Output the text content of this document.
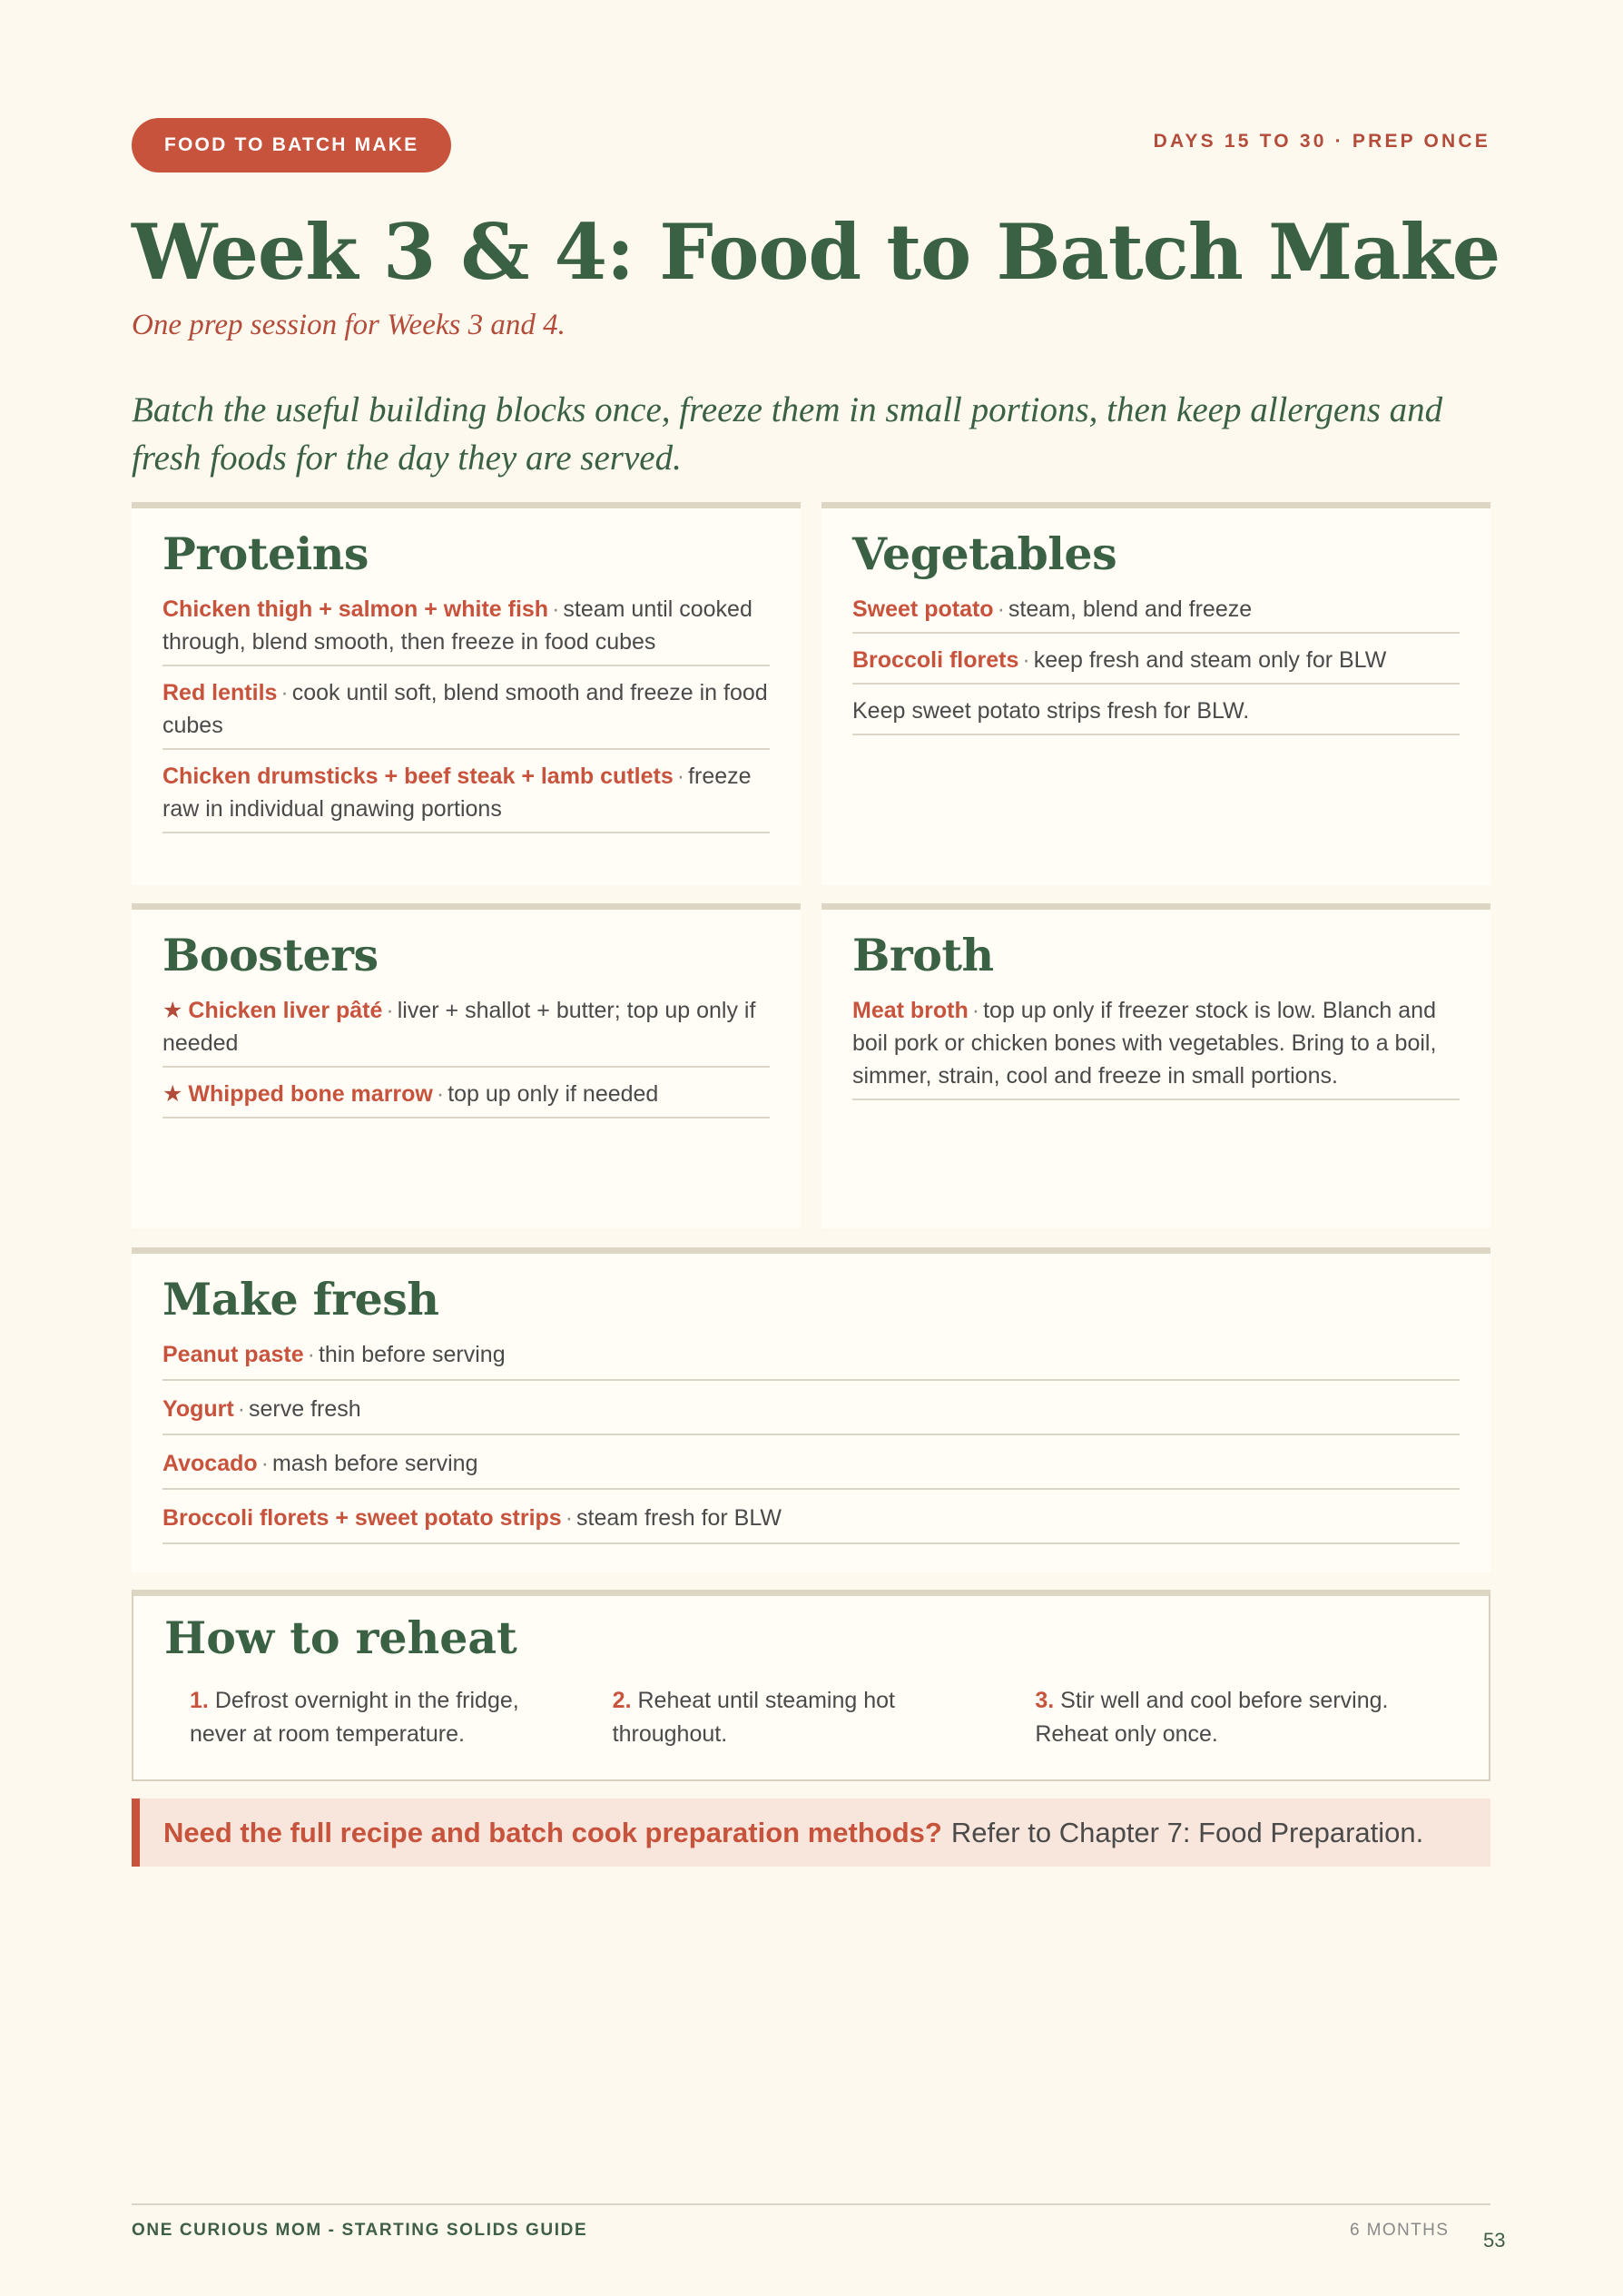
FOOD TO BATCH MAKE	DAYS 15 TO 30 · PREP ONCE
Week 3 & 4: Food to Batch Make
One prep session for Weeks 3 and 4.

Batch the useful building blocks once, freeze them in small portions, then keep allergens and fresh foods for the day they are served.

Proteins
Chicken thigh + salmon + white fish · steam until cooked through, blend smooth, then freeze in food cubes
Red lentils · cook until soft, blend smooth and freeze in food cubes
Chicken drumsticks + beef steak + lamb cutlets · freeze raw in individual gnawing portions
Vegetables
Sweet potato · steam, blend and freeze
Broccoli florets · keep fresh and steam only for BLW
Keep sweet potato strips fresh for BLW.
Boosters
★ Chicken liver pâté · liver + shallot + butter; top up only if needed
★ Whipped bone marrow · top up only if needed
Broth
Meat broth · top up only if freezer stock is low. Blanch and boil pork or chicken bones with vegetables. Bring to a boil, simmer, strain, cool and freeze in small portions.
Make fresh
Peanut paste · thin before serving
Yogurt · serve fresh
Avocado · mash before serving
Broccoli florets + sweet potato strips · steam fresh for BLW
How to reheat
1. Defrost overnight in the fridge, never at room temperature.
2. Reheat until steaming hot throughout.
3. Stir well and cool before serving. Reheat only once.
Need the full recipe and batch cook preparation methods? Refer to Chapter 7: Food Preparation.
ONE CURIOUS MOM - STARTING SOLIDS GUIDE	6 MONTHS 53
